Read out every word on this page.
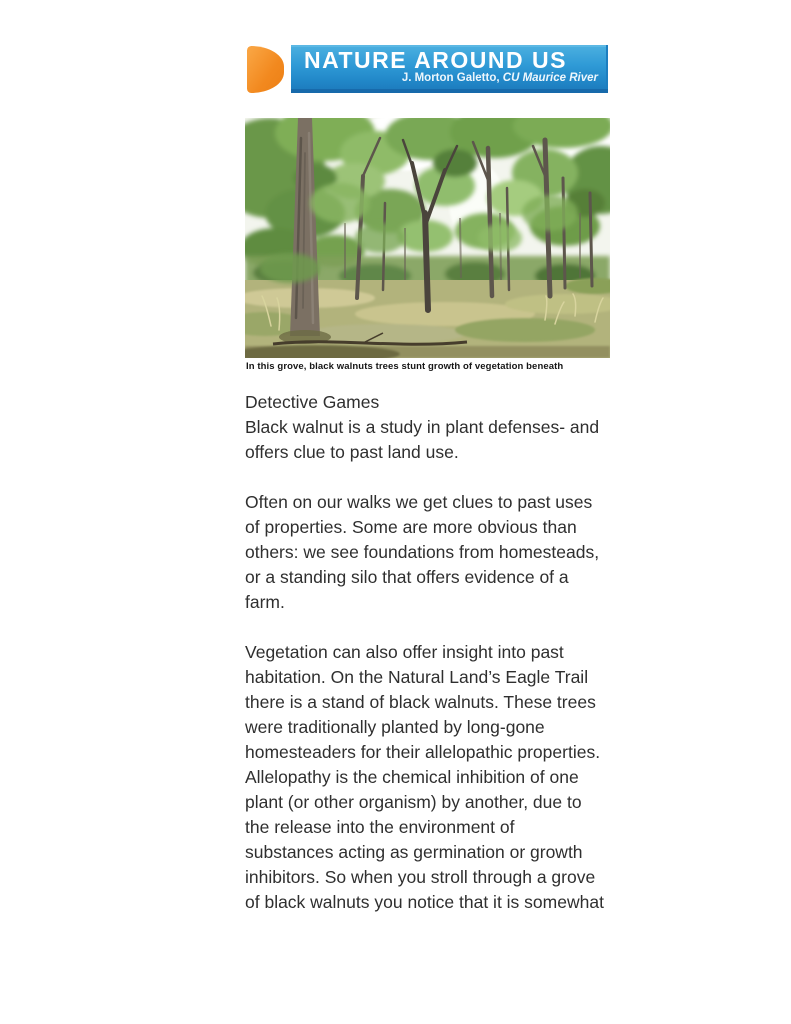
NATURE AROUND US
J. Morton Galetto, CU Maurice River
In this grove, black walnuts trees stunt growth of vegetation beneath
Detective Games
Black walnut is a study in plant defenses- and offers clue to past land use.

Often on our walks we get clues to past uses of properties. Some are more obvious than others: we see foundations from homesteads, or a standing silo that offers evidence of a farm.

Vegetation can also offer insight into past habitation. On the Natural Land’s Eagle Trail there is a stand of black walnuts. These trees were traditionally planted by long-gone homesteaders for their allelopathic properties. Allelopathy is the chemical inhibition of one plant (or other organism) by another, due to the release into the environment of substances acting as germination or growth inhibitors. So when you stroll through a grove of black walnuts you notice that it is somewhat
